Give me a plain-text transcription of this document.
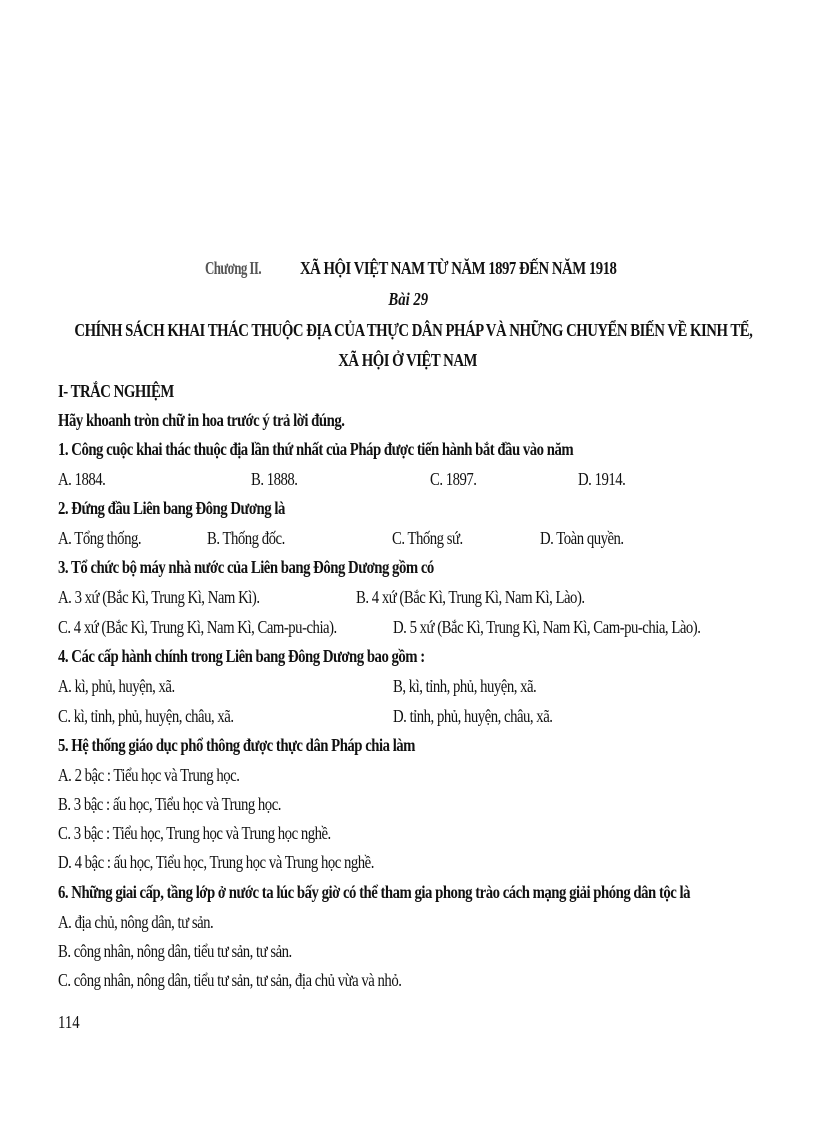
Chương II. XÃ HỘI VIỆT NAM TỪ NĂM 1897 ĐẾN NĂM 1918
Bài 29
CHÍNH SÁCH KHAI THÁC THUỘC ĐỊA CỦA THỰC DÂN PHÁP VÀ NHỮNG CHUYỂN BIẾN VỀ KINH TẾ,
XÃ HỘI Ở VIỆT NAM
I- TRẮC NGHIỆM
Hãy khoanh tròn chữ in hoa trước ý trả lời đúng.
1. Công cuộc khai thác thuộc địa lần thứ nhất của Pháp được tiến hành bắt đầu vào năm
A. 1884.	B. 1888.	C. 1897.	D. 1914.
2. Đứng đầu Liên bang Đông Dương là
A. Tổng thống.	B. Thống đốc.	C. Thống sứ.	D. Toàn quyền.
3. Tổ chức bộ máy nhà nước của Liên bang Đông Dương gồm có
A. 3 xứ (Bắc Kì, Trung Kì, Nam Kì).	B. 4 xứ (Bắc Kì, Trung Kì, Nam Kì, Lào).
C. 4 xứ (Bắc Kì, Trung Kì, Nam Kì, Cam-pu-chia).	D. 5 xứ (Bắc Kì, Trung Kì, Nam Kì, Cam-pu-chia, Lào).
4. Các cấp hành chính trong Liên bang Đông Dương bao gồm :
A. kì, phủ, huyện, xã.	B, kì, tỉnh, phủ, huyện, xã.
C. kì, tỉnh, phủ, huyện, châu, xã.	D. tỉnh, phủ, huyện, châu, xã.
5. Hệ thống giáo dục phổ thông được thực dân Pháp chia làm
A. 2 bậc : Tiểu học và Trung học.
B. 3 bậc : ấu học, Tiểu học và Trung học.
C. 3 bậc : Tiểu học, Trung học và Trung học nghề.
D. 4 bậc : ấu học, Tiểu học, Trung học và Trung học nghề.
6. Những giai cấp, tầng lớp ở nước ta lúc bấy giờ có thể tham gia phong trào cách mạng giải phóng dân tộc là
A. địa chủ, nông dân, tư sản.
B. công nhân, nông dân, tiểu tư sản, tư sản.
C. công nhân, nông dân, tiểu tư sản, tư sản, địa chủ vừa và nhỏ.
114
